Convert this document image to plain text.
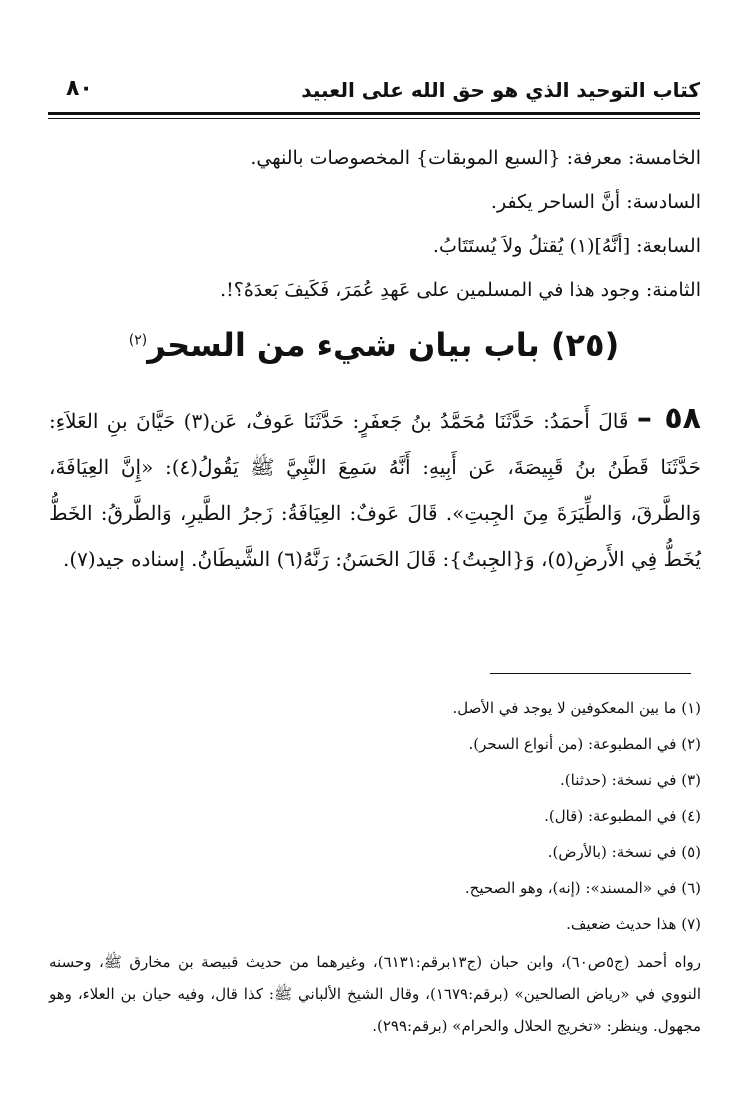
كتاب التوحيد الذي هو حق الله على العبيد
٨٠

الخامسة: معرفة: {السبع الموبقات} المخصوصات بالنهي.

السادسة: أنَّ الساحر يكفر.

السابعة: [أنَّهُ](١) يُقتلُ ولاَ يُستَتَابُ.

الثامنة: وجود هذا في المسلمين على عَهدِ عُمَرَ، فَكَيفَ بَعدَهُ؟!.

(٢٥) باب بيان شيء من السحر$^{(٢)}$
٥٨ – قَالَ أَحمَدُ: حَدَّثَنَا مُحَمَّدُ بنُ جَعفَرٍ: حَدَّثَنَا عَوفٌ، عَن(٣) حَيَّانَ بنِ العَلاَءِ: حَدَّثَنَا قَطَنُ بنُ قَبِيصَةَ، عَن أَبِيهِ: أَنَّهُ سَمِعَ النَّبِيَّ ﷺ يَقُولُ(٤): «إِنَّ العِيَافَةَ، وَالطَّرقَ، وَالطِّيَرَةَ مِنَ الجِبتِ». قَالَ عَوفٌ: العِيَافَةُ: زَجرُ الطَّيرِ، وَالطَّرقُ: الخَطُّ يُخَطُّ فِي الأَرضِ(٥)، وَ{الجِبتُ}: قَالَ الحَسَنُ: رَنَّهُ(٦) الشَّيطَانُ. إسناده جيد(٧).

(١) ما بين المعكوفين لا يوجد في الأصل.

(٢) في المطبوعة: (من أنواع السحر).

(٣) في نسخة: (حدثنا).

(٤) في المطبوعة: (قال).

(٥) في نسخة: (بالأرض).

(٦) في «المسند»: (إنه)، وهو الصحيح.

(٧) هذا حديث ضعيف.

رواه أحمد (ج٥ص٦٠)، وابن حبان (ج١٣برقم:٦١٣١)، وغيرهما من حديث قبيصة بن مخارق ﷺ، وحسنه النووي في «رياض الصالحين» (برقم:١٦٧٩)، وقال الشيخ الألباني ﷺ: كذا قال، وفيه حيان بن العلاء، وهو مجهول. وينظر: «تخريج الحلال والحرام» (برقم:٢٩٩).
